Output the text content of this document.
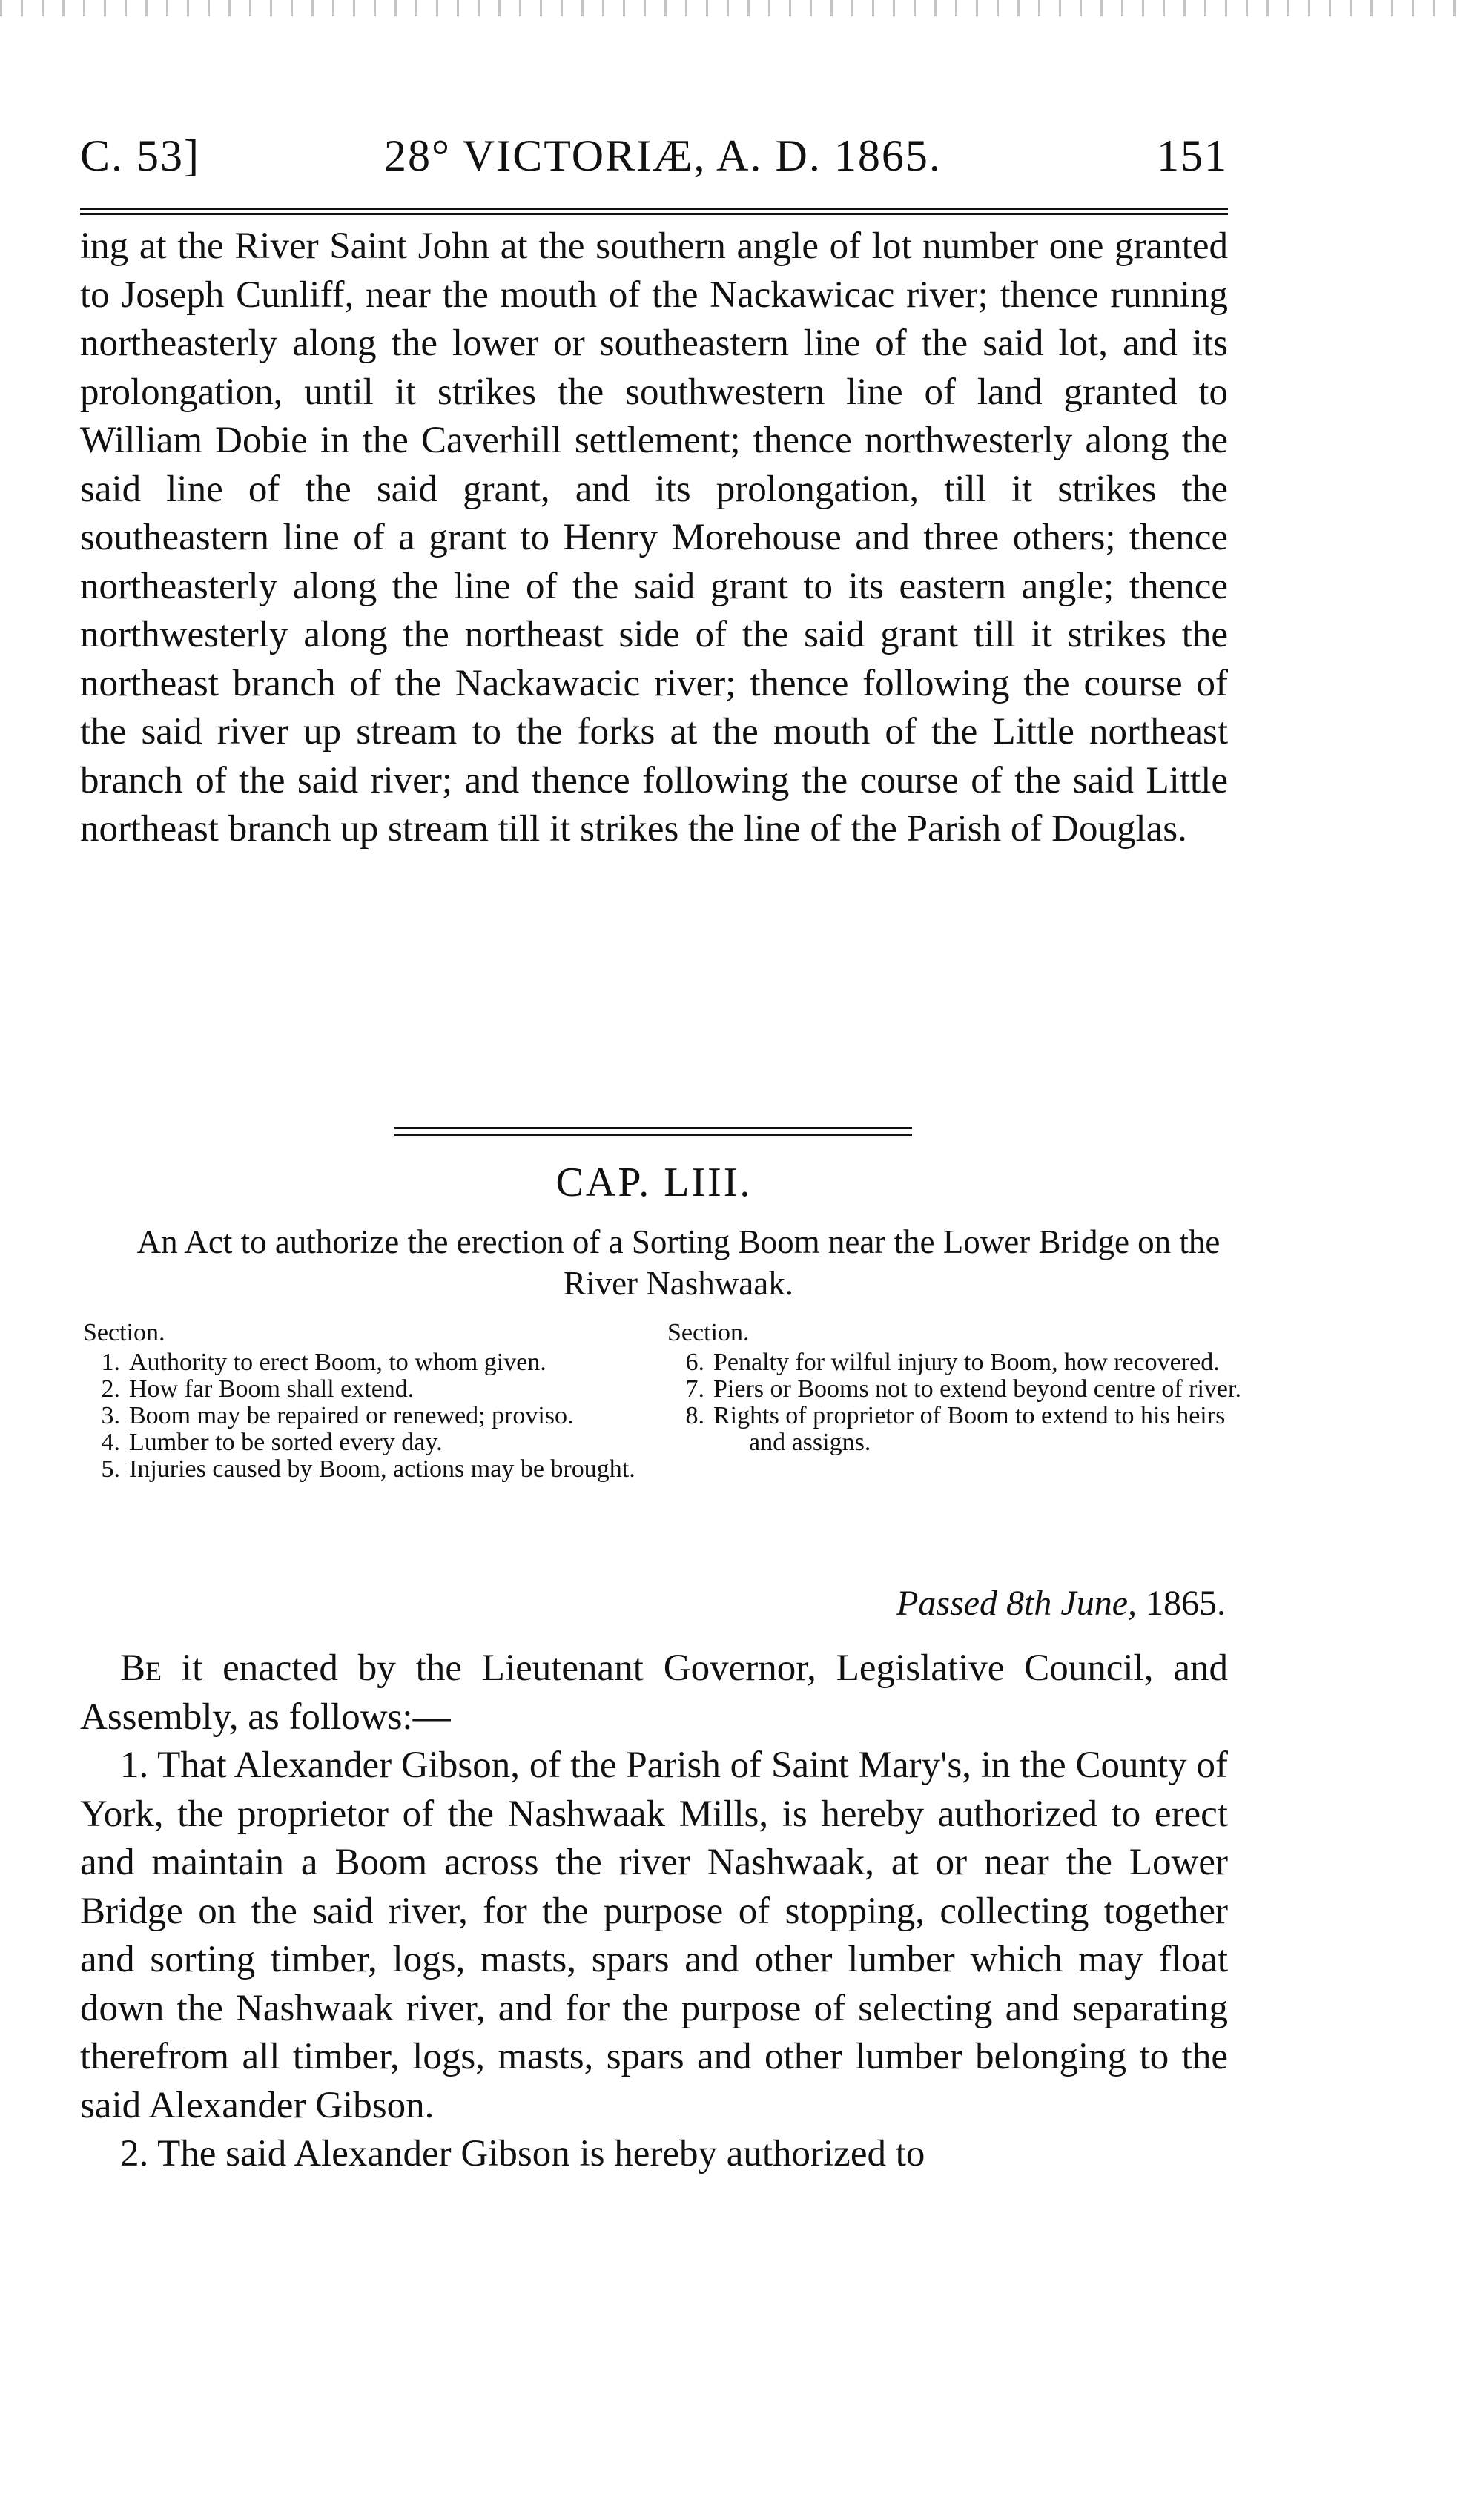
C. 53]	28° VICTORIÆ, A. D. 1865.	151

ing at the River Saint John at the southern angle of lot number one granted to Joseph Cunliff, near the mouth of the Nackawicac river; thence running northeasterly along the lower or southeastern line of the said lot, and its prolongation, until it strikes the southwestern line of land granted to William Dobie in the Caverhill settlement; thence northwesterly along the said line of the said grant, and its prolongation, till it strikes the southeastern line of a grant to Henry Morehouse and three others; thence northeasterly along the line of the said grant to its eastern angle; thence northwesterly along the northeast side of the said grant till it strikes the northeast branch of the Nackawacic river; thence following the course of the said river up stream to the forks at the mouth of the Little northeast branch of the said river; and thence following the course of the said Little northeast branch up stream till it strikes the line of the Parish of Douglas.

CAP. LIII.
An Act to authorize the erection of a Sorting Boom near the Lower Bridge on the River Nashwaak.
Section.
1. Authority to erect Boom, to whom given.
2. How far Boom shall extend.
3. Boom may be repaired or renewed; proviso.
4. Lumber to be sorted every day.
5. Injuries caused by Boom, actions may be brought.
Section.
6. Penalty for wilful injury to Boom, how recovered.
7. Piers or Booms not to extend beyond centre of river.
8. Rights of proprietor of Boom to extend to his heirs and assigns.
Passed 8th June, 1865.

Be it enacted by the Lieutenant Governor, Legislative Council, and Assembly, as follows:—

1. That Alexander Gibson, of the Parish of Saint Mary's, in the County of York, the proprietor of the Nashwaak Mills, is hereby authorized to erect and maintain a Boom across the river Nashwaak, at or near the Lower Bridge on the said river, for the purpose of stopping, collecting together and sorting timber, logs, masts, spars and other lumber which may float down the Nashwaak river, and for the purpose of selecting and separating therefrom all timber, logs, masts, spars and other lumber belonging to the said Alexander Gibson.

2. The said Alexander Gibson is hereby authorized to
